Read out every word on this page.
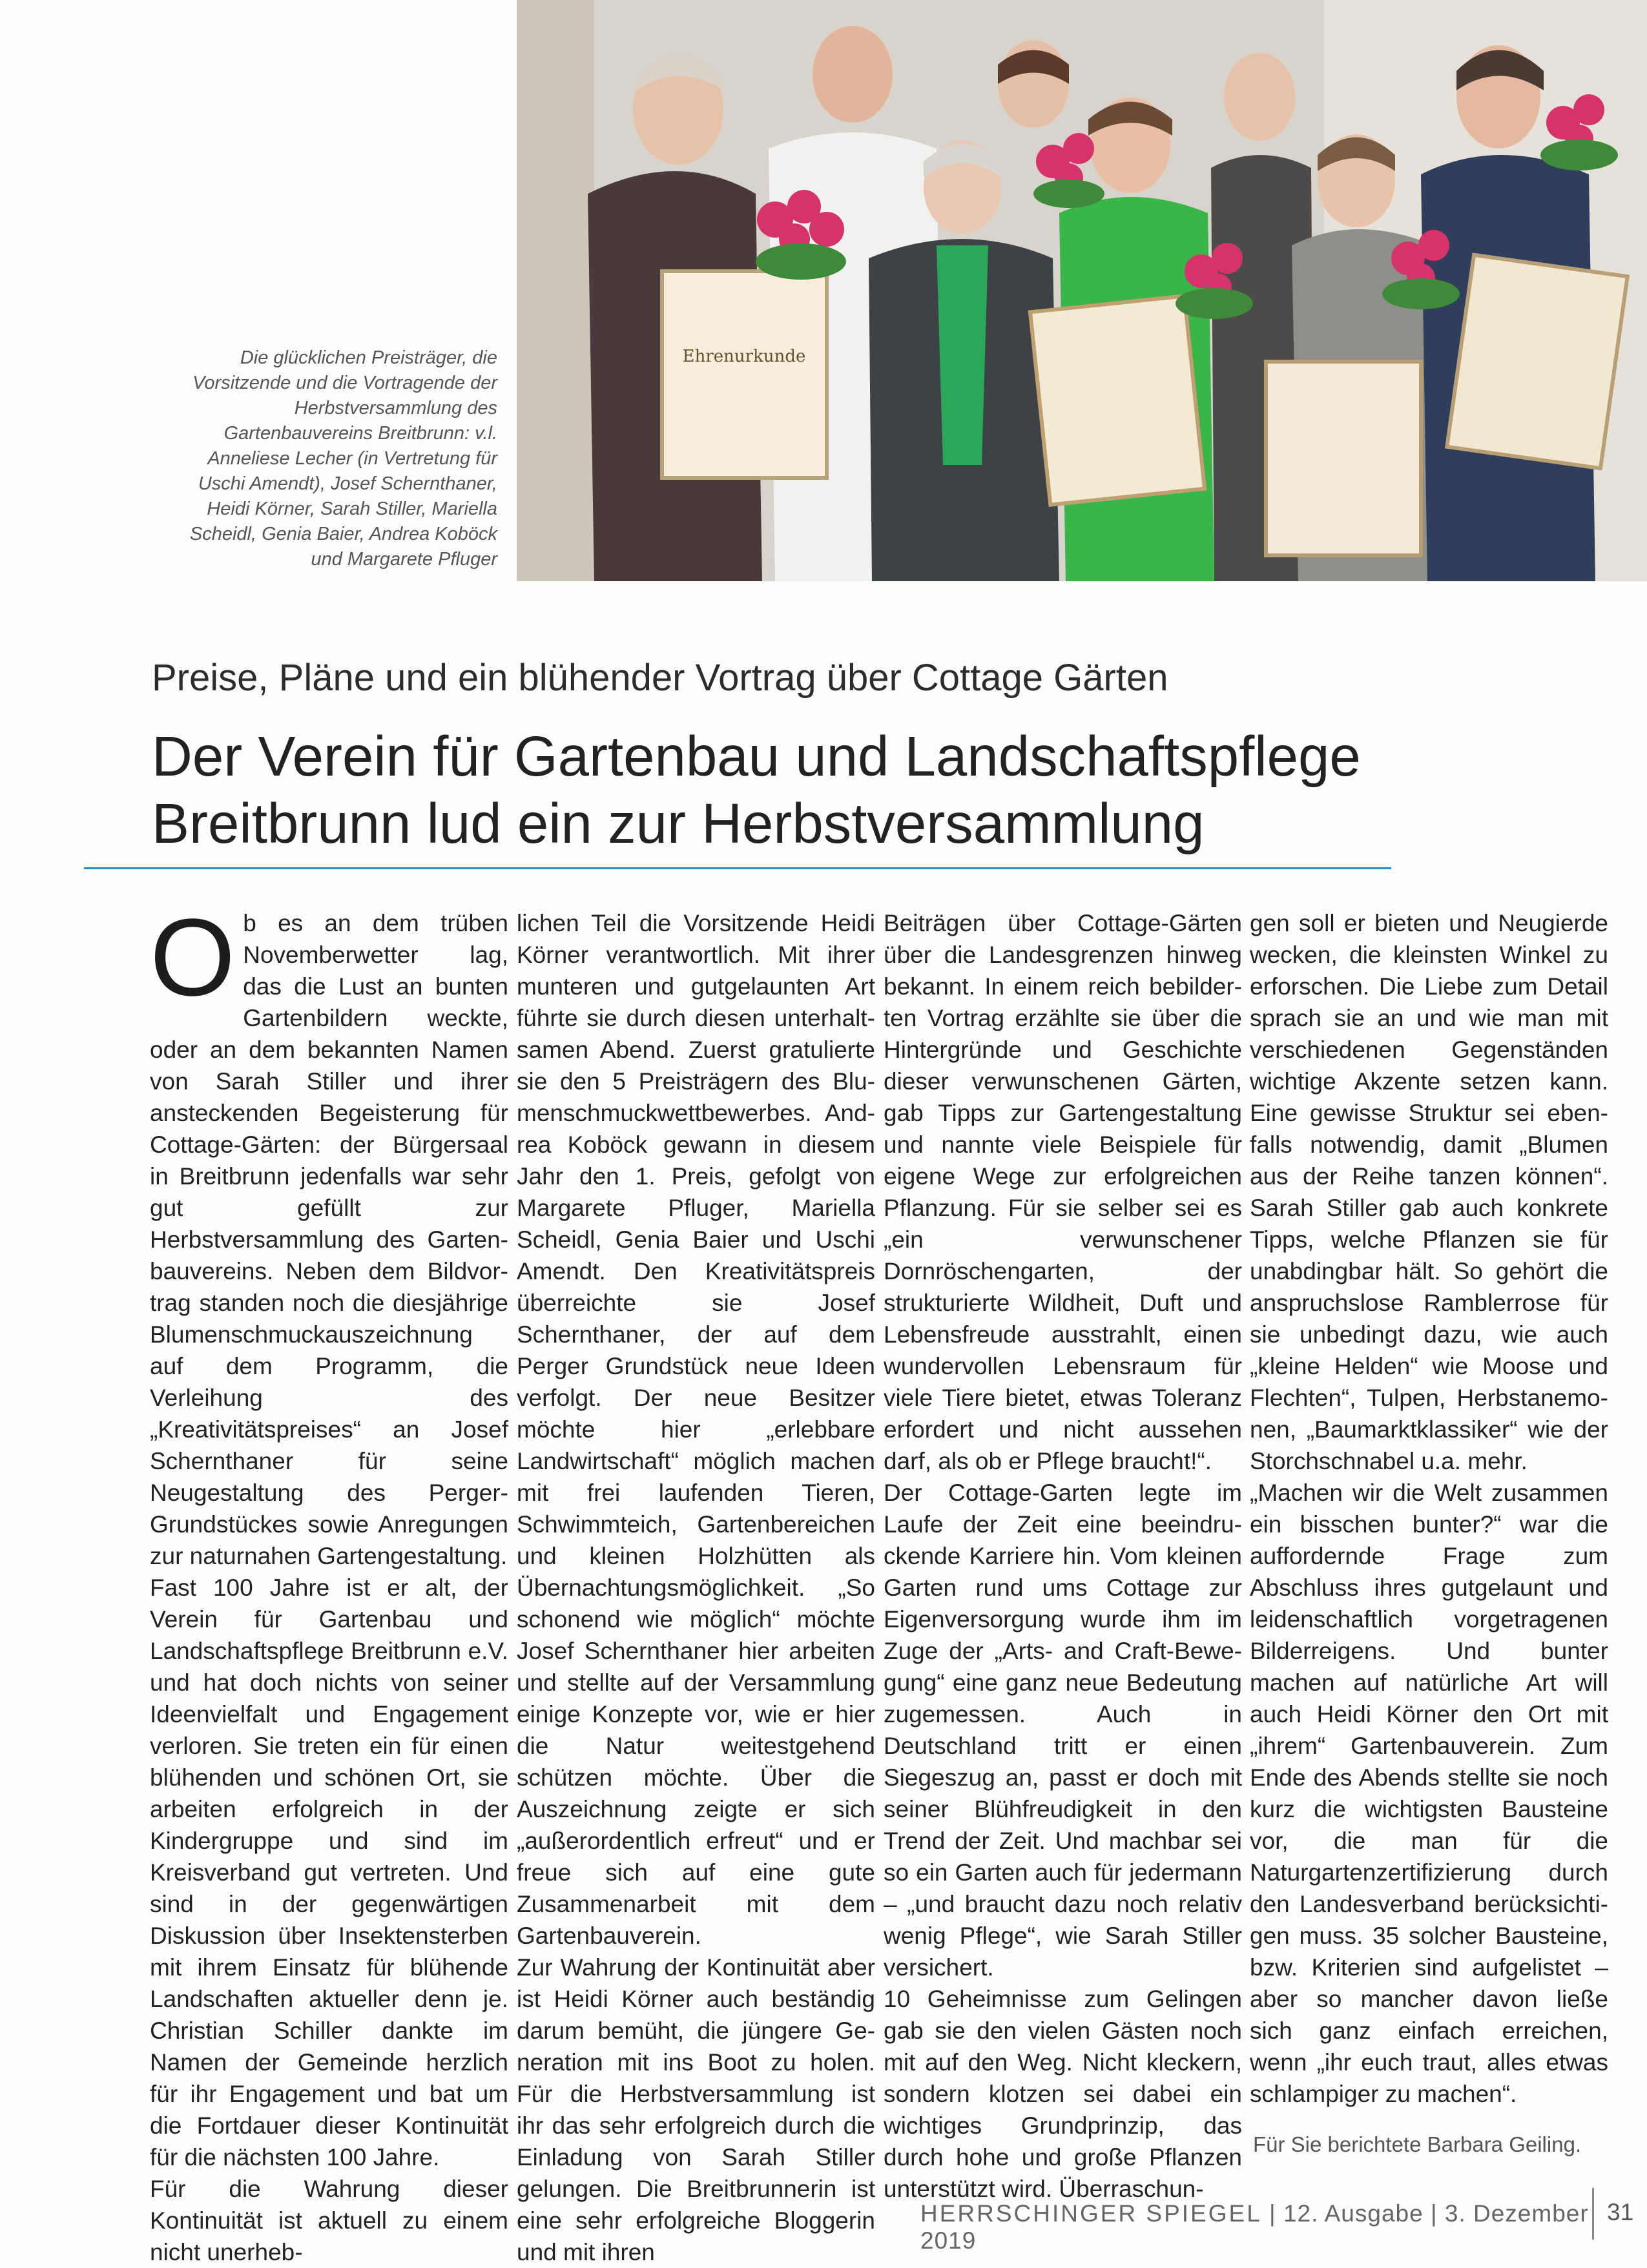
Ehrenurkunde
Die glücklichen Preisträger, die Vorsitzende und die Vortragende der Herbstversammlung des Gartenbauvereins Breitbrunn: v.l. Anneliese Lecher (in Vertretung für Uschi Amendt), Josef Schernthaner, Heidi Körner, Sarah Stiller, Mariella Scheidl, Genia Baier, Andrea Koböck und Margarete Pfluger
Preise, Pläne und ein blühender Vortrag über Cottage Gärten
Der Verein für Gartenbau und Landschaftspflege
Breitbrunn lud ein zur Herbstversammlung
O b es an dem trüben Novemberwetter lag, das die Lust an bunten Gartenbildern weckte, oder an dem bekannten Namen von Sarah Stiller und ihrer ansteckenden Begeisterung für Cottage-Gärten: der Bürgersaal in Breitbrunn jedenfalls war sehr gut gefüllt zur Herbstversammlung des Gartenbauvereins. Neben dem Bildvortrag standen noch die diesjährige Blumenschmuckauszeichnung auf dem Programm, die Verleihung des „Kreativitätspreises“ an Josef Schernthaner für seine Neugestaltung des Perger-Grundstückes sowie Anregungen zur naturnahen Gartengestaltung.

Fast 100 Jahre ist er alt, der Verein für Gartenbau und Landschaftspflege Breitbrunn e.V. und hat doch nichts von seiner Ideenvielfalt und Engagement verloren. Sie treten ein für einen blühenden und schönen Ort, sie arbeiten erfolgreich in der Kindergruppe und sind im Kreisverband gut vertreten. Und sind in der gegenwärtigen Diskussion über Insektensterben mit ihrem Einsatz für blühende Landschaften aktueller denn je. Christian Schiller dankte im Namen der Gemeinde herzlich für ihr Engagement und bat um die Fortdauer dieser Kontinuität für die nächsten 100 Jahre.

Für die Wahrung dieser Kontinuität ist aktuell zu einem nicht unerheb-

lichen Teil die Vorsitzende Heidi Körner verantwortlich. Mit ihrer munteren und gutgelaunten Art führte sie durch diesen unterhaltsamen Abend. Zuerst gratulierte sie den 5 Preisträgern des Blumenschmuckwettbewerbes. Andrea Koböck gewann in diesem Jahr den 1. Preis, gefolgt von Margarete Pfluger, Mariella Scheidl, Genia Baier und Uschi Amendt. Den Kreativitätspreis überreichte sie Josef Schernthaner, der auf dem Perger Grundstück neue Ideen verfolgt. Der neue Besitzer möchte hier „erlebbare Landwirtschaft“ möglich machen mit frei laufenden Tieren, Schwimmteich, Gartenbereichen und kleinen Holzhütten als Übernachtungsmöglichkeit. „So schonend wie möglich“ möchte Josef Schernthaner hier arbeiten und stellte auf der Versammlung einige Konzepte vor, wie er hier die Natur weitestgehend schützen möchte. Über die Auszeichnung zeigte er sich „außerordentlich erfreut“ und er freue sich auf eine gute Zusammenarbeit mit dem Gartenbauverein.

Zur Wahrung der Kontinuität aber ist Heidi Körner auch beständig darum bemüht, die jüngere Generation mit ins Boot zu holen. Für die Herbstversammlung ist ihr das sehr erfolgreich durch die Einladung von Sarah Stiller gelungen. Die Breitbrunnerin ist eine sehr erfolgreiche Bloggerin und mit ihren

Beiträgen über Cottage-Gärten über die Landesgrenzen hinweg bekannt. In einem reich bebilderten Vortrag erzählte sie über die Hintergründe und Geschichte dieser verwunschenen Gärten, gab Tipps zur Gartengestaltung und nannte viele Beispiele für eigene Wege zur erfolgreichen Pflanzung. Für sie selber sei es „ein verwunschener Dornröschengarten, der strukturierte Wildheit, Duft und Lebensfreude ausstrahlt, einen wundervollen Lebensraum für viele Tiere bietet, etwas Toleranz erfordert und nicht aussehen darf, als ob er Pflege braucht!“.

Der Cottage-Garten legte im Laufe der Zeit eine beeindruckende Karriere hin. Vom kleinen Garten rund ums Cottage zur Eigenversorgung wurde ihm im Zuge der „Arts- and Craft-Bewegung“ eine ganz neue Bedeutung zugemessen. Auch in Deutschland tritt er einen Siegeszug an, passt er doch mit seiner Blühfreudigkeit in den Trend der Zeit. Und machbar sei so ein Garten auch für jedermann – „und braucht dazu noch relativ wenig Pflege“, wie Sarah Stiller versichert.

10 Geheimnisse zum Gelingen gab sie den vielen Gästen noch mit auf den Weg. Nicht kleckern, sondern klotzen sei dabei ein wichtiges Grundprinzip, das durch hohe und große Pflanzen unterstützt wird. Überraschun-

gen soll er bieten und Neugierde wecken, die kleinsten Winkel zu erforschen. Die Liebe zum Detail sprach sie an und wie man mit verschiedenen Gegenständen wichtige Akzente setzen kann. Eine gewisse Struktur sei ebenfalls notwendig, damit „Blumen aus der Reihe tanzen können“. Sarah Stiller gab auch konkrete Tipps, welche Pflanzen sie für unabdingbar hält. So gehört die anspruchslose Ramblerrose für sie unbedingt dazu, wie auch „kleine Helden“ wie Moose und Flechten“, Tulpen, Herbstanemonen, „Baumarktklassiker“ wie der Storchschnabel u.a. mehr.

„Machen wir die Welt zusammen ein bisschen bunter?“ war die auffordernde Frage zum Abschluss ihres gutgelaunt und leidenschaftlich vorgetragenen Bilderreigens. Und bunter machen auf natürliche Art will auch Heidi Körner den Ort mit „ihrem“ Gartenbauverein. Zum Ende des Abends stellte sie noch kurz die wichtigsten Bausteine vor, die man für die Naturgartenzertifizierung durch den Landesverband berücksichtigen muss. 35 solcher Bausteine, bzw. Kriterien sind aufgelistet – aber so mancher davon ließe sich ganz einfach erreichen, wenn „ihr euch traut, alles etwas schlampiger zu machen“.

Für Sie berichtete Barbara Geiling.
HERRSCHINGER SPIEGEL | 12. Ausgabe | 3. Dezember 2019
31
